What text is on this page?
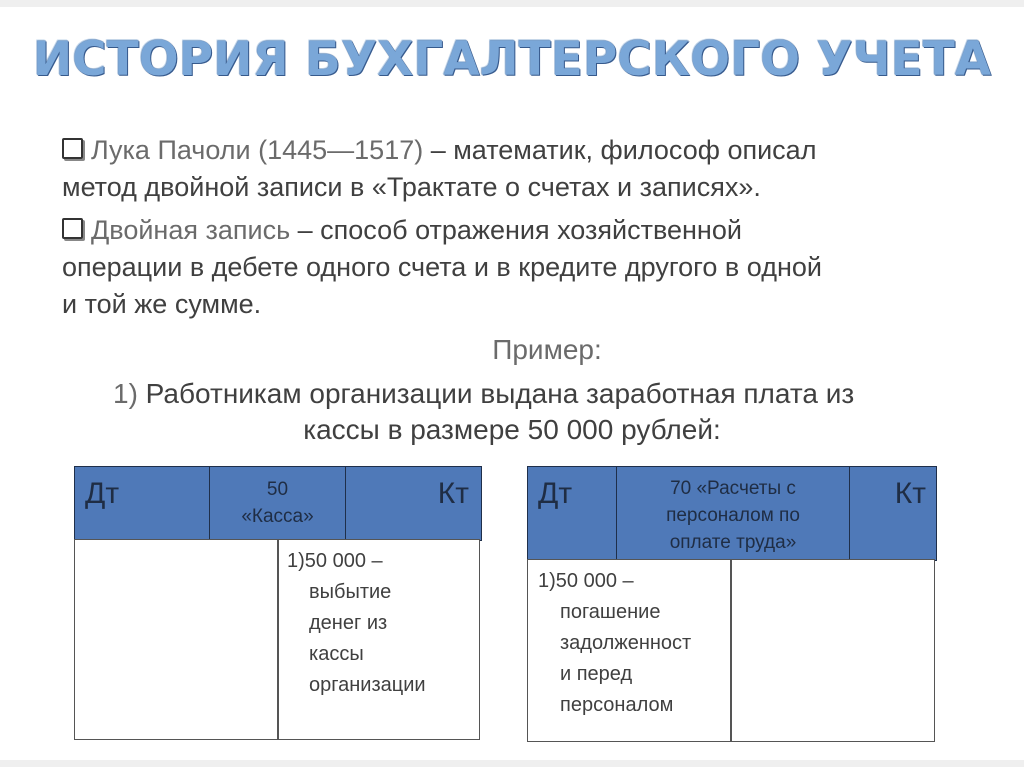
ИСТОРИЯ БУХГАЛТЕРСКОГО УЧЕТА
Лука Пачоли (1445—1517) – математик, философ описал
метод двойной записи в «Трактате о счетах и записях».
Двойная запись – способ отражения хозяйственной
операции в дебете одного счета и в кредите другого в одной
и той же сумме.
Пример:
1) Работникам организации выдана заработная плата из
кассы в размере 50 000 рублей:
Дт	50
«Касса»
Кт
1)50 000 –
выбытие
денег из
кассы
организации
Дт	70 «Расчеты с
персоналом по
оплате труда»
Кт
1)50 000 –
погашение
задолженност
и перед
персоналом
